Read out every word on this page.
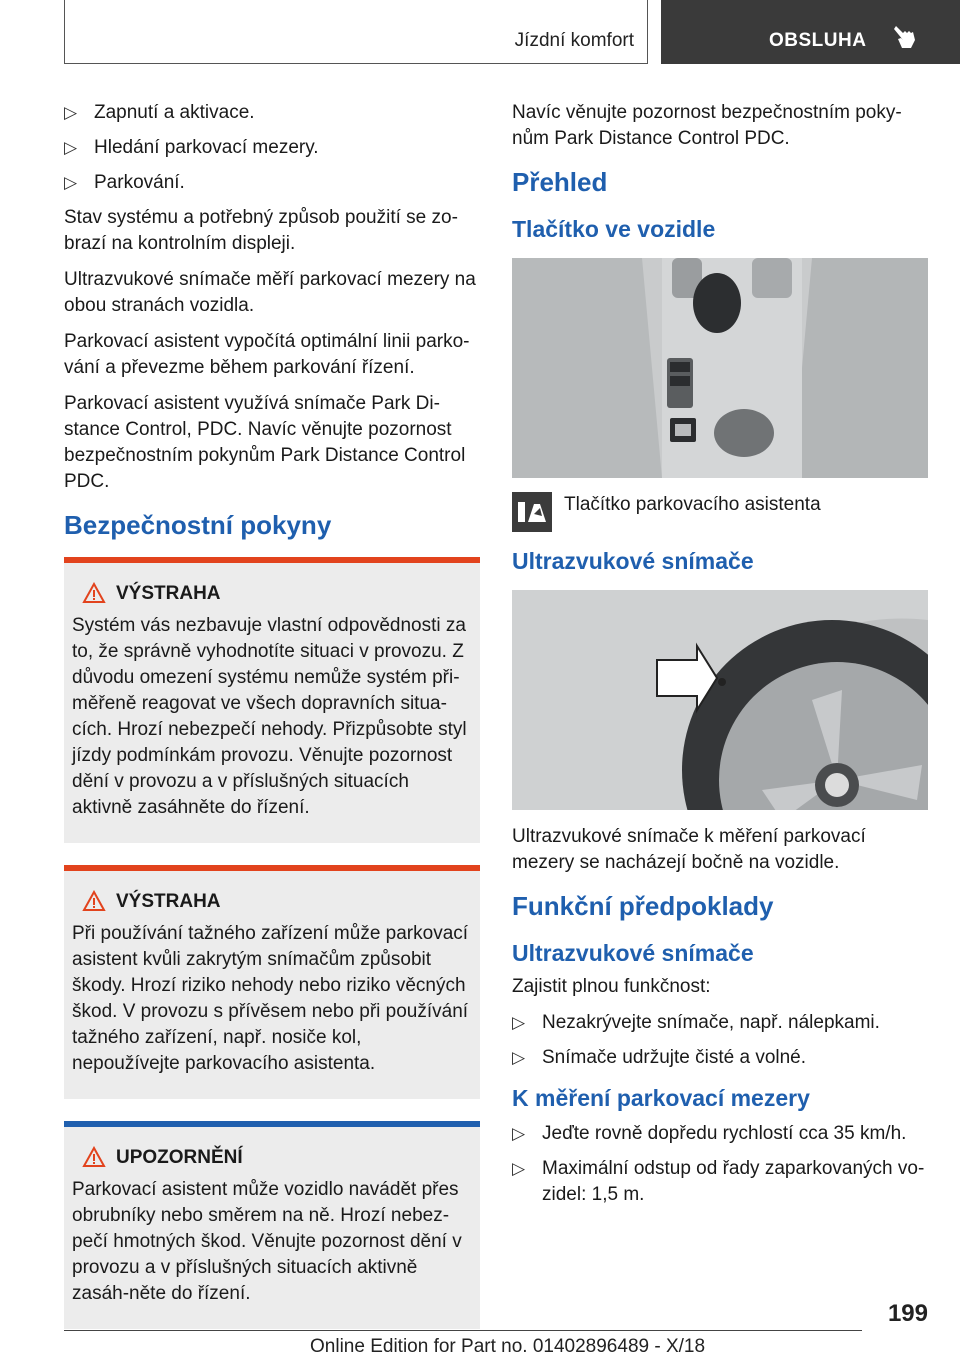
Jízdní komfort	OBSLUHA
▷ Zapnutí a aktivace.
▷ Hledání parkovací mezery.
▷ Parkování.

Stav systému a potřebný způsob použití se zo-brazí na kontrolním displeji.

Ultrazvukové snímače měří parkovací mezery na obou stranách vozidla.

Parkovací asistent vypočítá optimální linii parko-vání a převezme během parkování řízení.

Parkovací asistent využívá snímače Park Di-stance Control, PDC. Navíc věnujte pozornost bezpečnostním pokynům Park Distance Control PDC.

Bezpečnostní pokyny
VÝSTRAHA

Systém vás nezbavuje vlastní odpovědnosti za to, že správně vyhodnotíte situaci v provozu. Z důvodu omezení systému nemůže systém při-měřeně reagovat ve všech dopravních situa-cích. Hrozí nebezpečí nehody. Přizpůsobte styl jízdy podmínkám provozu. Věnujte pozornost dění v provozu a v příslušných situacích aktivně zasáhněte do řízení.

VÝSTRAHA

Při používání tažného zařízení může parkovací asistent kvůli zakrytým snímačům způsobit škody. Hrozí riziko nehody nebo riziko věcných škod. V provozu s přívěsem nebo při používání tažného zařízení, např. nosiče kol, nepoužívejte parkovacího asistenta.

UPOZORNĚNÍ

Parkovací asistent může vozidlo navádět přes obrubníky nebo směrem na ně. Hrozí nebez-pečí hmotných škod. Věnujte pozornost dění v provozu a v příslušných situacích aktivně zasáh-něte do řízení.

Navíc věnujte pozornost bezpečnostním poky-nům Park Distance Control PDC.

Přehled
Tlačítko ve vozidle

Tlačítko parkovacího asistenta

Ultrazvukové snímače

Ultrazvukové snímače k měření parkovací mezery se nacházejí bočně na vozidle.

Funkční předpoklady
Ultrazvukové snímače

Zajistit plnou funkčnost:

▷ Nezakrývejte snímače, např. nálepkami.
▷ Snímače udržujte čisté a volné.
K měření parkovací mezery
▷ Jeďte rovně dopředu rychlostí cca 35 km/h.
▷ Maximální odstup od řady zaparkovaných vo-zidel: 1,5 m.
199
Online Edition for Part no. 01402896489 - X/18
